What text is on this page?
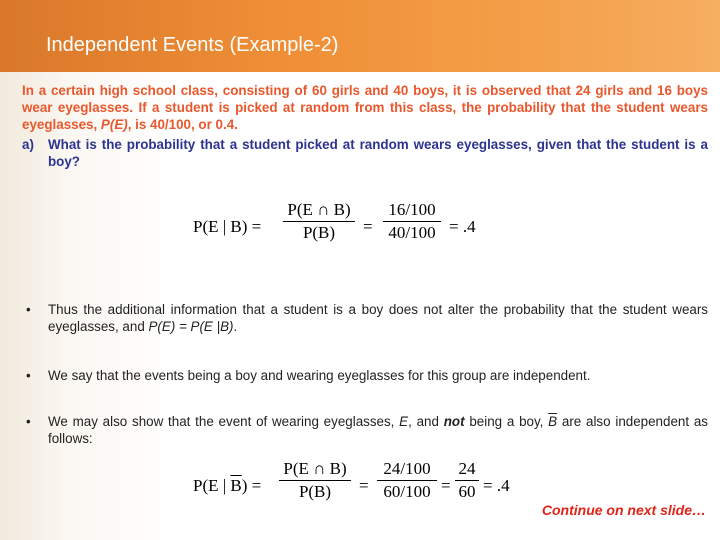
Independent Events (Example-2)

In a certain high school class, consisting of 60 girls and 40 boys, it is observed that 24 girls and 16 boys wear eyeglasses. If a student is picked at random from this class, the probability that the student wears eyeglasses, P(E), is 40/100, or 0.4.

a)	What is the probability that a student picked at random wears eyeglasses, given that the student is a boy?
P(E | B) =
P(E ∩ B)
P(B)	=
16/100
40/100 = .4
•	Thus the additional information that a student is a boy does not alter the probability that the student wears eyeglasses, and P(E) = P(E |B).
•	We say that the events being a boy and wearing eyeglasses for this group are independent.
•	We may also show that the event of wearing eyeglasses, E, and not being a boy, $\overline{B}$ are also independent as follows:
P(E | $\overline{B}$) =
P(E ∩ B)
P(B)	=
24/100
60/100 =
24
60 = .4
Continue on next slide…
